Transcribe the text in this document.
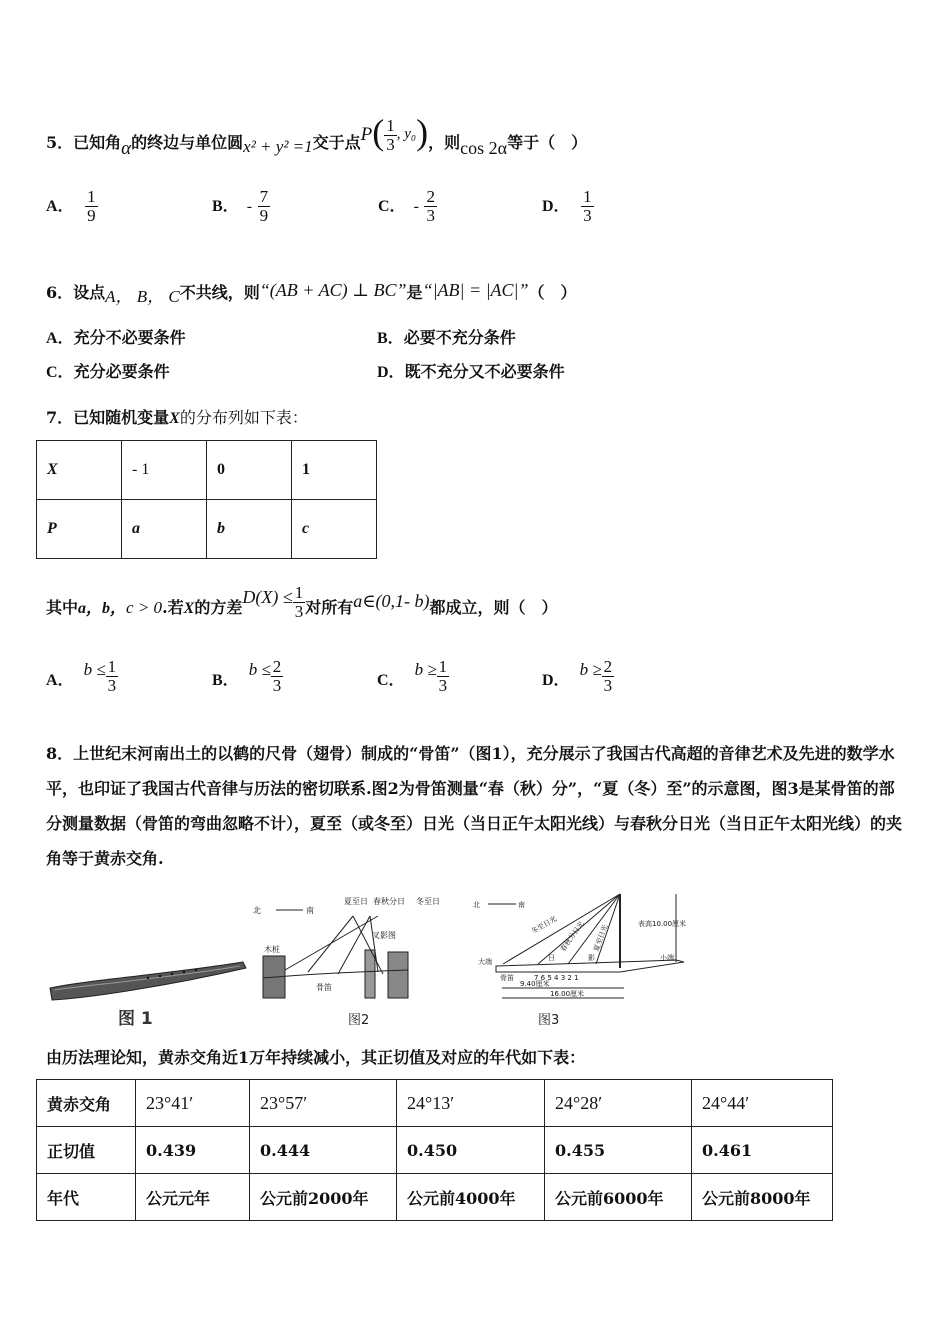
5．已知角α的终边与单位圆x² + y² =1交于点$P( \frac{1}{3}$ , y₀)，则cos 2α等于（　）
A． $\frac{1}{9}$	B． - $\frac{7}{9}$	C． - $\frac{2}{3}$	D． $\frac{1}{3}$
6．设点A， B， C不共线，则“(AB + AC) ⊥ BC”是“|AB| = |AC|”（　）
A．充分不必要条件	B．必要不充分条件
C．充分必要条件	D．既不充分又不必要条件
7．已知随机变量X的分布列如下表：
X	- 1	0	1
P	a	b	c
其中a，b，c > 0.若X的方差$D(X) \le \frac{1}{3}$ 对所有a∈(0,1- b)都成立，则（　）
A．$b \le \frac{1}{3}$	B．$b \le \frac{2}{3}$	C．$b \ge \frac{1}{3}$	D．$b \ge \frac{2}{3}$
8．上世纪末河南出土的以鹤的尺骨（翅骨）制成的“骨笛”（图1），充分展示了我国古代高超的音律艺术及先进的数学水平，也印证了我国古代音律与历法的密切联系.图2为骨笛测量“春（秋）分”，“夏（冬）至”的示意图，图3是某骨笛的部分测量数据（骨笛的弯曲忽略不计），夏至（或冬至）日光（当日正午太阳光线）与春秋分日光（当日正午太阳光线）的夹角等于黄赤交角.
图 1
北	南
夏至日 春秋分日 冬至日
木桩
骨笛
叉影图
图2
北	南
大端	小端
冬至日光 春秋分日光 夏至日光	表高10.00厘米
日	影
骨笛	7 6 5 4 3 2 1
9.40厘米
16.00厘米
图3
由历法理论知，黄赤交角近1万年持续减小，其正切值及对应的年代如下表：
黄赤交角	23°41′	23°57′	24°13′	24°28′	24°44′
正切值	0.439	0.444	0.450	0.455	0.461
年代	公元元年	公元前2000年	公元前4000年	公元前6000年	公元前8000年
